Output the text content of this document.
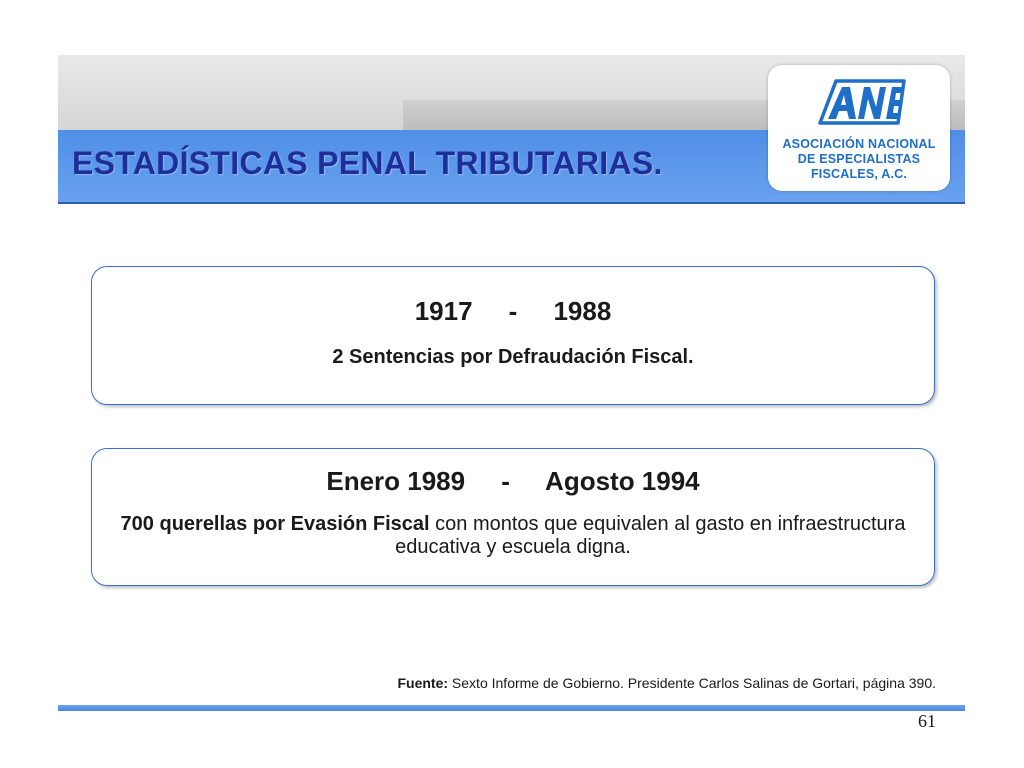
ESTADÍSTICAS PENAL TRIBUTARIAS.
ASOCIACIÓN NACIONAL
DE ESPECIALISTAS
FISCALES, A.C.
1917     -     1988
2 Sentencias por Defraudación Fiscal.
Enero 1989     -     Agosto 1994
700 querellas por Evasión Fiscal con montos que equivalen al gasto en infraestructura educativa y escuela digna.
Fuente: Sexto Informe de Gobierno. Presidente Carlos Salinas de Gortari, página 390.
61
